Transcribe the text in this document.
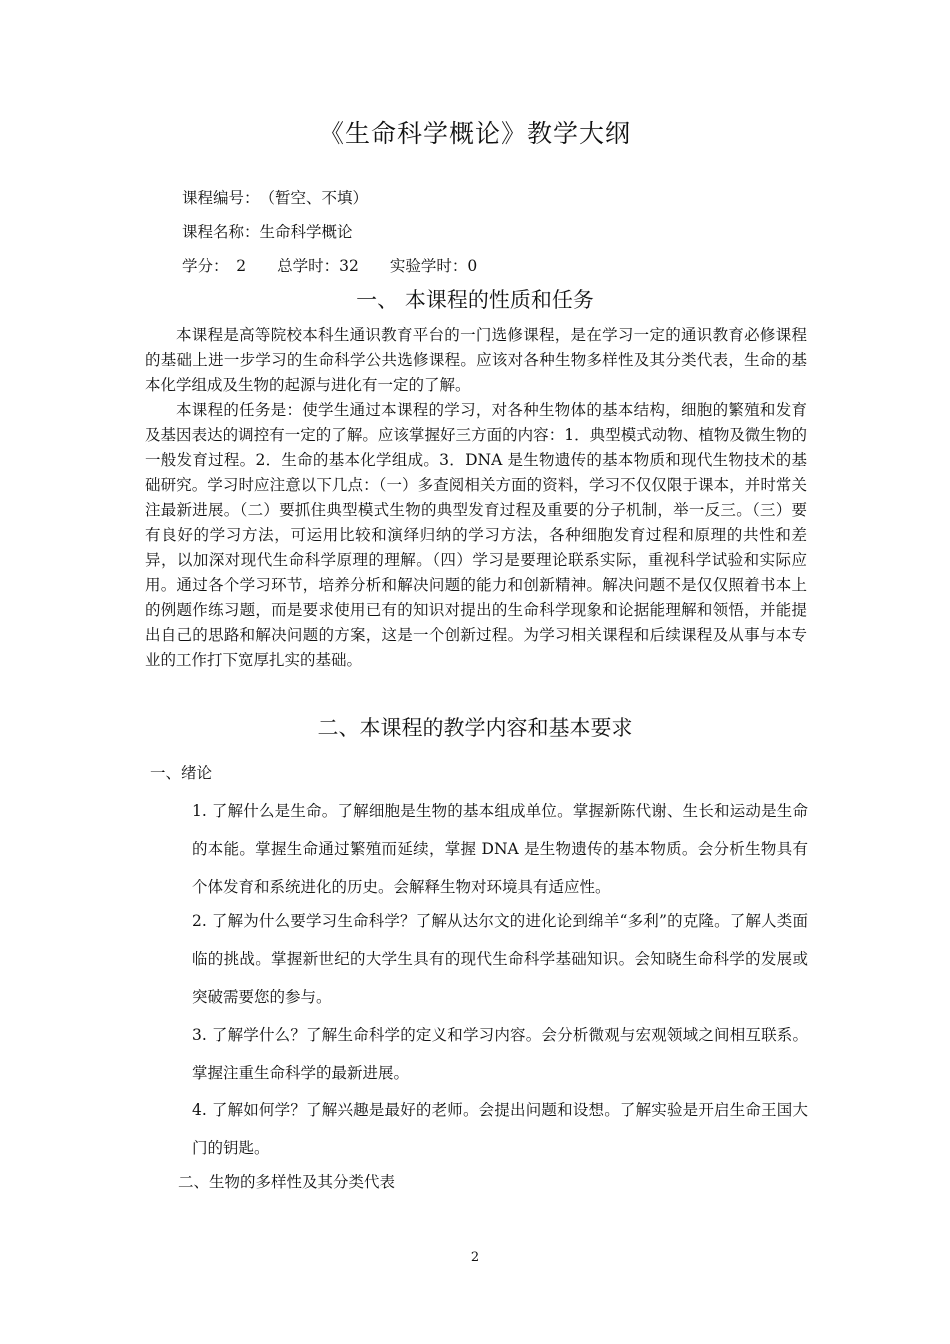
《生命科学概论》教学大纲
课程编号：　（暂空、不填）
课程名称：生命科学概论
学分：　2　　总学时：32　　实验学时：0
一、 本课程的性质和任务
本课程是高等院校本科生通识教育平台的一门选修课程，是在学习一定的通识教育必修课程的基础上进一步学习的生命科学公共选修课程。应该对各种生物多样性及其分类代表，生命的基本化学组成及生物的起源与进化有一定的了解。
本课程的任务是：使学生通过本课程的学习，对各种生物体的基本结构，细胞的繁殖和发育及基因表达的调控有一定的了解。应该掌握好三方面的内容：1．典型模式动物、植物及微生物的一般发育过程。2．生命的基本化学组成。3．DNA 是生物遗传的基本物质和现代生物技术的基础研究。学习时应注意以下几点：（一）多查阅相关方面的资料，学习不仅仅限于课本，并时常关注最新进展。（二）要抓住典型模式生物的典型发育过程及重要的分子机制，举一反三。（三）要有良好的学习方法，可运用比较和演绎归纳的学习方法，各种细胞发育过程和原理的共性和差异，以加深对现代生命科学原理的理解。（四）学习是要理论联系实际，重视科学试验和实际应用。通过各个学习环节，培养分析和解决问题的能力和创新精神。解决问题不是仅仅照着书本上的例题作练习题，而是要求使用已有的知识对提出的生命科学现象和论据能理解和领悟，并能提出自己的思路和解决问题的方案，这是一个创新过程。为学习相关课程和后续课程及从事与本专业的工作打下宽厚扎实的基础。
二、本课程的教学内容和基本要求
一、绪论
1. 了解什么是生命。了解细胞是生物的基本组成单位。掌握新陈代谢、生长和运动是生命的本能。掌握生命通过繁殖而延续，掌握 DNA 是生物遗传的基本物质。会分析生物具有个体发育和系统进化的历史。会解释生物对环境具有适应性。
2. 了解为什么要学习生命科学？了解从达尔文的进化论到绵羊“多利”的克隆。了解人类面临的挑战。掌握新世纪的大学生具有的现代生命科学基础知识。会知晓生命科学的发展或突破需要您的参与。
3. 了解学什么？了解生命科学的定义和学习内容。会分析微观与宏观领域之间相互联系。掌握注重生命科学的最新进展。
4. 了解如何学？了解兴趣是最好的老师。会提出问题和设想。了解实验是开启生命王国大门的钥匙。
二、生物的多样性及其分类代表
2
